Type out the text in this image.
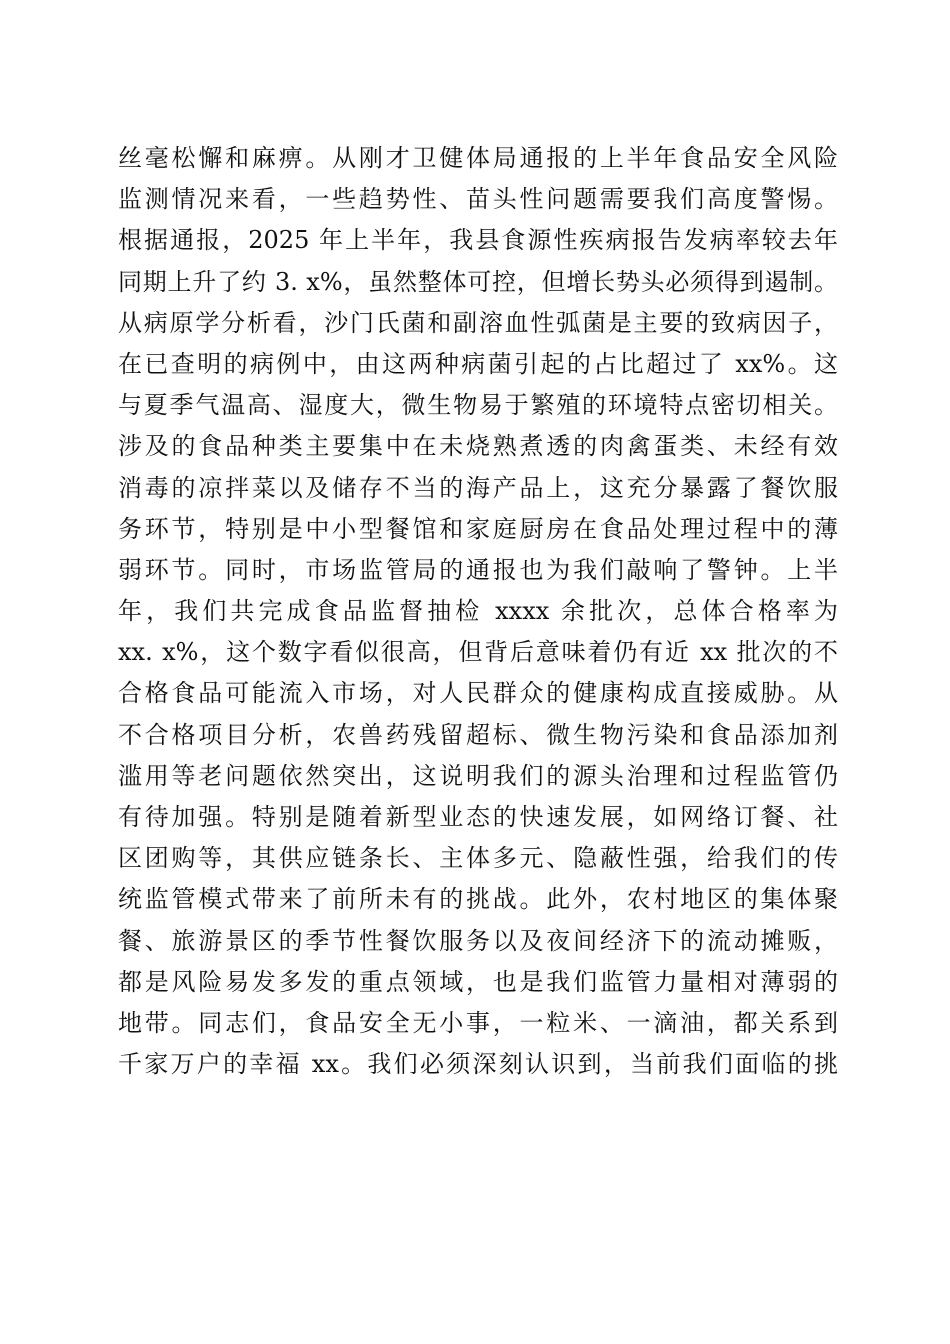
丝毫松懈和麻痹。从刚才卫健体局通报的上半年食品安全风险
监测情况来看，一些趋势性、苗头性问题需要我们高度警惕。
根据通报，2025 年上半年，我县食源性疾病报告发病率较去年
同期上升了约 3. x%，虽然整体可控，但增长势头必须得到遏制。
从病原学分析看，沙门氏菌和副溶血性弧菌是主要的致病因子，
在已查明的病例中，由这两种病菌引起的占比超过了 xx%。这
与夏季气温高、湿度大，微生物易于繁殖的环境特点密切相关。
涉及的食品种类主要集中在未烧熟煮透的肉禽蛋类、未经有效
消毒的凉拌菜以及储存不当的海产品上，这充分暴露了餐饮服
务环节，特别是中小型餐馆和家庭厨房在食品处理过程中的薄
弱环节。同时，市场监管局的通报也为我们敲响了警钟。上半
年，我们共完成食品监督抽检 xxxx 余批次，总体合格率为
xx. x%，这个数字看似很高，但背后意味着仍有近 xx 批次的不
合格食品可能流入市场，对人民群众的健康构成直接威胁。从
不合格项目分析，农兽药残留超标、微生物污染和食品添加剂
滥用等老问题依然突出，这说明我们的源头治理和过程监管仍
有待加强。特别是随着新型业态的快速发展，如网络订餐、社
区团购等，其供应链条长、主体多元、隐蔽性强，给我们的传
统监管模式带来了前所未有的挑战。此外，农村地区的集体聚
餐、旅游景区的季节性餐饮服务以及夜间经济下的流动摊贩，
都是风险易发多发的重点领域，也是我们监管力量相对薄弱的
地带。同志们，食品安全无小事，一粒米、一滴油，都关系到
千家万户的幸福 xx。我们必须深刻认识到，当前我们面临的挑
